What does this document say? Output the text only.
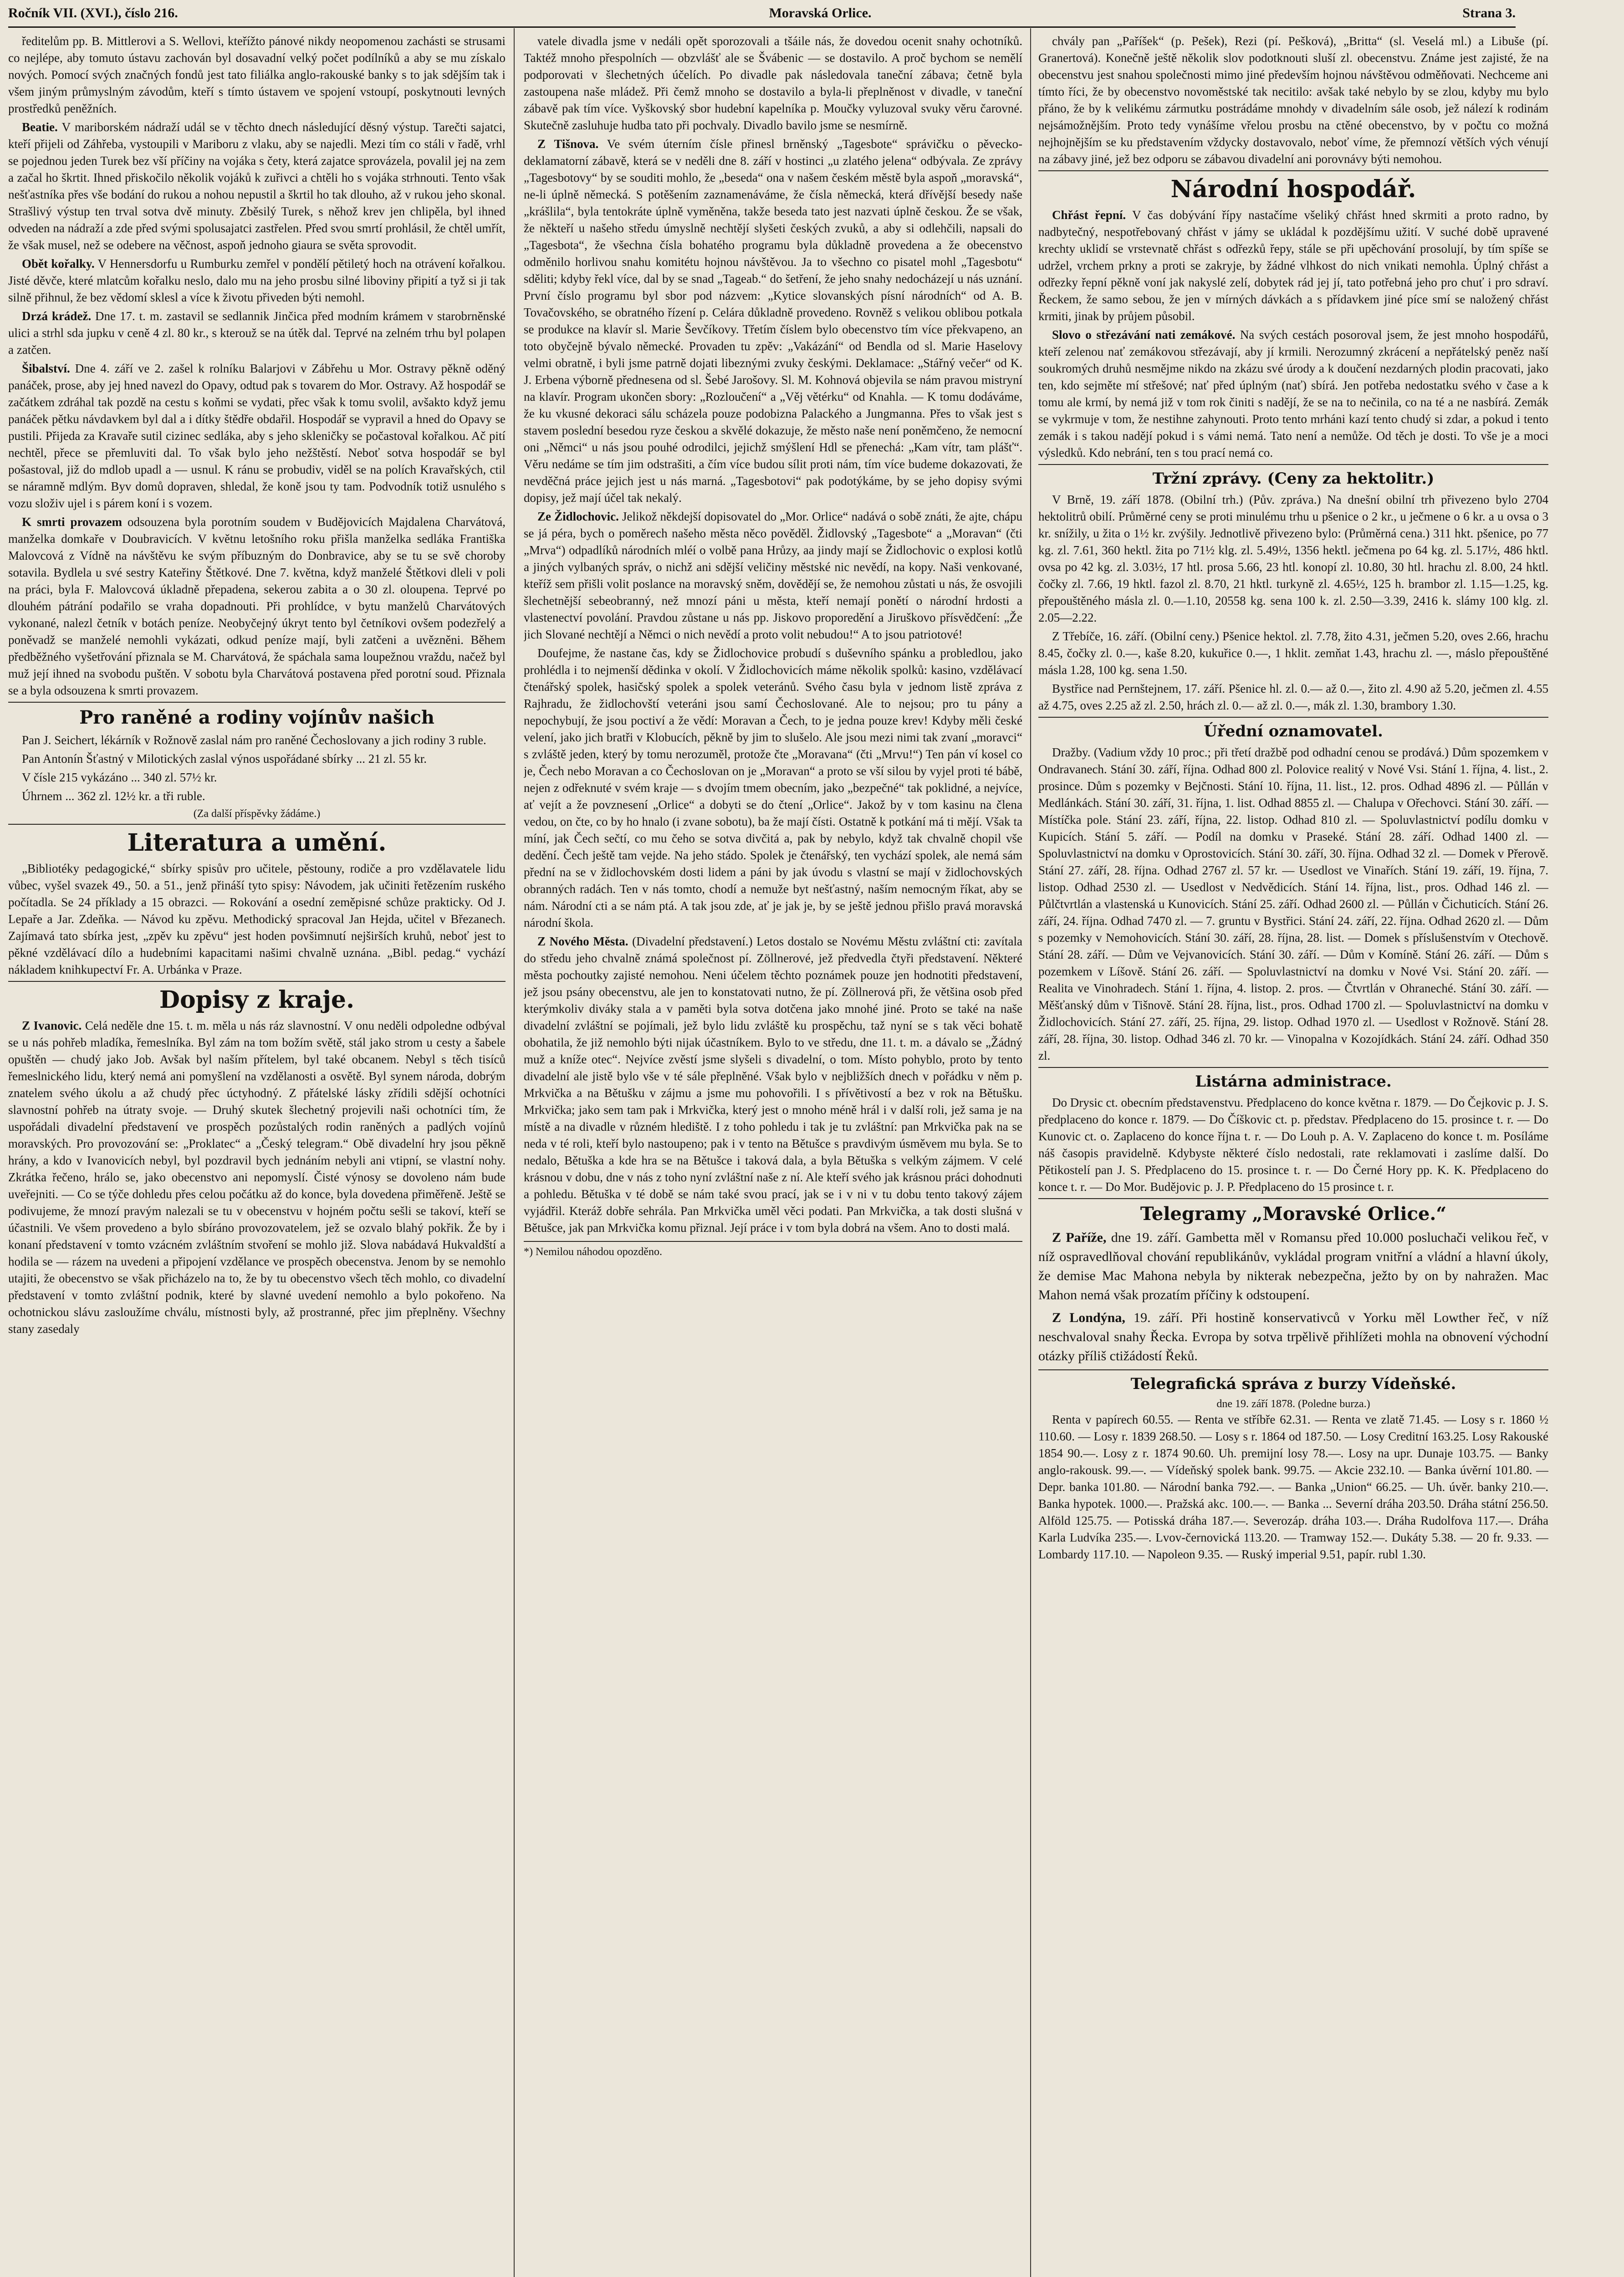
Ročník VII. (XVI.), číslo 216.	Moravská Orlice.	Strana 3.
ředitelům pp. B. Mittlerovi a S. Wellovi, kteřížto pánové nikdy neopomenou zachásti se strusami co nejlépe, aby tomuto ústavu zachován byl dosavadní velký počet podílníků a aby se mu získalo nových. Pomocí svých značných fondů jest tato filiálka anglo-rakouské banky s to jak sdějším tak i všem jiným průmyslným závodům, kteří s tímto ústavem ve spojení vstoupí, poskytnouti levných prostředků peněžních.
Beatie. V mariborském nádraží udál se v těchto dnech následující děsný výstup. Tarečti sajatci, kteří přijeli od Záhřeba, vystoupili v Mariboru z vlaku, aby se najedli. Mezi tím co stáli v řadě, vrhl se pojednou jeden Turek bez vší příčiny na vojáka s čety, která zajatce sprovázela, povalil jej na zem a začal ho škrtit. Ihned přiskočilo několik vojáků k zuřivci a chtěli ho s vojáka strhnouti. Tento však nešťastníka přes vše bodání do rukou a nohou nepustil a škrtil ho tak dlouho, až v rukou jeho skonal. Strašlivý výstup ten trval sotva dvě minuty. Zběsilý Turek, s něhož krev jen chlipěla, byl ihned odveden na nádraží a zde před svými spolusajatci zastřelen. Před svou smrtí prohlásil, že chtěl umřít, že však musel, než se odebere na věčnost, aspoň jednoho giaura se světa sprovodit.
Obět kořalky. V Hennersdorfu u Rumburku zemřel v pondělí pětiletý hoch na otrávení kořalkou. Jisté děvče, které mlatcům kořalku neslo, dalo mu na jeho prosbu silné liboviny připití a tyž si ji tak silně přihnul, že bez vědomí sklesl a více k životu přiveden býti nemohl.
Drzá krádež. Dne 17. t. m. zastavil se sedlannik Jinčica před modním krámem v starobrněnské ulici a strhl sda jupku v ceně 4 zl. 80 kr., s kterouž se na útěk dal. Teprvé na zelném trhu byl polapen a zatčen.
Šibalství. Dne 4. září ve 2. zašel k rolníku Balarjovi v Zábřehu u Mor. Ostravy pěkně oděný panáček, prose, aby jej hned navezl do Opavy, odtud pak s tovarem do Mor. Ostravy. Až hospodář se začátkem zdráhal tak pozdě na cestu s koňmi se vydati, přec však k tomu svolil, avšakto když jemu panáček pětku návdavkem byl dal a i dítky štědře obdařil. Hospodář se vypravil a hned do Opavy se pustili. Přijeda za Kravaře sutil cizinec sedláka, aby s jeho skleničky se počastoval kořalkou. Ač pití nechtěl, přece se přemluviti dal. To však bylo jeho nežštěstí. Neboť sotva hospodář se byl pošastoval, již do mdlob upadl a — usnul. K ránu se probudiv, viděl se na polích Kravařských, ctil se náramně mdlým. Byv domů dopraven, shledal, že koně jsou ty tam. Podvodník totiž usnulého s vozu složiv ujel i s párem koní i s vozem.
K smrti provazem odsouzena byla porotním soudem v Budějovicích Majdalena Charvátová, manželka domkaře v Doubravicích. V květnu letošního roku přišla manželka sedláka Františka Malovcová z Vídně na návštěvu ke svým příbuzným do Donbravice, aby se tu se svě choroby sotavila. Bydlela u své sestry Kateřiny Štětkové. Dne 7. května, když manželé Štětkovi dleli v poli na práci, byla F. Malovcová úkladně přepadena, sekerou zabita a o 30 zl. oloupena. Teprvé po dlouhém pátrání podařilo se vraha dopadnouti. Při prohlídce, v bytu manželů Charvátových vykonané, nalezl četník v botách peníze. Neobyčejný úkryt tento byl četníkovi ovšem podezřelý a poněvadž se manželé nemohli vykázati, odkud peníze mají, byli zatčeni a uvězněni. Během předběžného vyšetřování přiznala se M. Charvátová, že spáchala sama loupežnou vraždu, načež byl muž její ihned na svobodu puštěn. V sobotu byla Charvátová postavena před porotní soud. Přiznala se a byla odsouzena k smrti provazem.
Pro raněné a rodiny vojínův našich
Pan J. Seichert, lékárník v Rožnově zaslal nám pro raněné Čechoslovany a jich rodiny 3 ruble.
Pan Antonín Šťastný v Milotických zaslal výnos uspořádané sbírky ... 21 zl. 55 kr.
V čísle 215 vykázáno ... 340 zl. 57½ kr.
Úhrnem ... 362 zl. 12½ kr. a tři ruble.
(Za další příspěvky žádáme.)
Literatura a umění.
„Bibliotéky pedagogické,“ sbírky spisův pro učitele, pěstouny, rodiče a pro vzdělavatele lidu vůbec, vyšel svazek 49., 50. a 51., jenž přináší tyto spisy: Návodem, jak učiniti řetězením ruského počítadla. Se 24 příklady a 15 obrazci. — Rokování a osední zeměpisné schůze prakticky. Od J. Lepaře a Jar. Zdeňka. — Návod ku zpěvu. Methodický spracoval Jan Hejda, učitel v Březanech. Zajímavá tato sbírka jest, „zpěv ku zpěvu“ jest hoden povšimnutí nejširších kruhů, neboť jest to pěkné vzdělávací dílo a hudebními kapacitami našimi chvalně uznána. „Bibl. pedag.“ vychází nákladem knihkupectví Fr. A. Urbánka v Praze.
Dopisy z kraje.
Z Ivanovic. Celá neděle dne 15. t. m. měla u nás ráz slavnostní. V onu neděli odpoledne odbýval se u nás pohřeb mladíka, řemeslníka. Byl zám na tom božím světě, stál jako strom u cesty a šabele opuštěn — chudý jako Job. Avšak byl naším přítelem, byl také obcanem. Nebyl s těch tisíců řemeslnického lidu, který nemá ani pomyšlení na vzdělanosti a osvětě. Byl synem národa, dobrým znatelem svého úkolu a až chudý přec úctyhodný. Z přátelské lásky zřídili sdější ochotníci slavnostní pohřeb na útraty svoje. — Druhý skutek šlechetný projevili naši ochotníci tím, že uspořádali divadelní představení ve prospěch pozůstalých rodin raněných a padlých vojínů moravských. Pro provozování se: „Proklatec“ a „Český telegram.“ Obě divadelní hry jsou pěkně hrány, a kdo v Ivanovicích nebyl, byl pozdravil bych jednáním nebyli ani vtipní, se vlastní nohy. Zkrátka řečeno, hrálo se, jako obecenstvo ani nepomyslí. Čisté výnosy se dovoleno nám bude uveřejniti. — Co se týče dohledu přes celou počátku až do konce, byla dovedena přiměřeně. Ještě se podivujeme, že mnozí pravým nalezali se tu v obecenstvu v hojném počtu sešli se takoví, kteří se účastnili. Ve všem provedeno a bylo sbíráno provozovatelem, jež se ozvalo blahý pokřik. Že by i konaní představení v tomto vzácném zvláštním stvoření se mohlo již. Slova nabádavá Hukvaldští a hodila se — rázem na uvedeni a připojení vzdělance ve prospěch obecenstva. Jenom by se nemohlo utajiti, že obecenstvo se však přicházelo na to, že by tu obecenstvo všech těch mohlo, co divadelní představení v tomto zvláštní podnik, které by slavné uvedení nemohlo a bylo pokořeno. Na ochotnickou slávu zasloužíme chválu, místnosti byly, až prostranné, přec jim přeplněny. Všechny stany zasedaly
vatele divadla jsme v nedáli opět sporozovali a tšáile nás, že dovedou ocenit snahy ochotníků. Taktéž mnoho přespolních — obzvlášť ale se Švábenic — se dostavilo. A proč bychom se nemělí podporovati v šlechetných účelích. Po divadle pak následovala taneční zábava; četně byla zastoupena naše mládež. Při čemž mnoho se dostavilo a byla-li přeplněnost v divadle, v taneční zábavě pak tím více. Vyškovský sbor hudební kapelníka p. Moučky vyluzoval svuky věru čarovné. Skutečně zasluhuje hudba tato při pochvaly. Divadlo bavilo jsme se nesmírně.
Z Tišnova. Ve svém úterním čísle přinesl brněnský „Tagesbote“ správičku o pěvecko-deklamatorní zábavě, která se v neděli dne 8. září v hostinci „u zlatého jelena“ odbývala. Ze zprávy „Tagesbotovy“ by se souditi mohlo, že „beseda“ ona v našem českém městě byla aspoň „moravská“, ne-li úplně německá. S potěšením zaznamenáváme, že čísla německá, která dřívější besedy naše „krášlila“, byla tentokráte úplně vyměněna, takže beseda tato jest nazvati úplně českou. Že se však, že někteří u našeho středu úmyslně nechtějí slyšeti českých zvuků, a aby si odlehčili, napsali do „Tagesbota“, že všechna čísla bohatého programu byla důkladně provedena a že obecenstvo odměnilo horlivou snahu komitétu hojnou návštěvou. Ja to všechno co pisatel mohl „Tagesbotu“ sděliti; kdyby řekl více, dal by se snad „Tageab.“ do šetření, že jeho snahy nedocházejí u nás uznání. První číslo programu byl sbor pod názvem: „Kytice slovanských písní národních“ od A. B. Tovačovského, se obratného řízení p. Celára důkladně provedeno. Rovněž s velikou oblibou potkala se produkce na klavír sl. Marie Ševčíkovy. Třetím číslem bylo obecenstvo tím více překvapeno, an toto obyčejně bývalo německé. Provaden tu zpěv: „Vakázání“ od Bendla od sl. Marie Haselovy velmi obratně, i byli jsme patrně dojati libeznými zvuky českými. Deklamace: „Stářný večer“ od K. J. Erbena výborně přednesena od sl. Šebé Jarošovy. Sl. M. Kohnová objevila se nám pravou mistryní na klavír. Program ukončen sbory: „Rozloučení“ a „Věj větérku“ od Knahla. — K tomu dodáváme, že ku vkusné dekoraci sálu scházela pouze podobizna Palackého a Jungmanna. Přes to však jest s stavem poslední besedou ryze českou a skvělé dokazuje, že město naše není poněmčeno, že nemocní oni „Němci“ u nás jsou pouhé odrodilci, jejichž smýšlení Hdl se přenechá: „Kam vítr, tam plášť“. Věru nedáme se tím jim odstrašiti, a čím více budou sílit proti nám, tím více budeme dokazovati, že nevděčná práce jejich jest u nás marná. „Tagesbotovi“ pak podotýkáme, by se jeho dopisy svými dopisy, jež mají účel tak nekalý.
Ze Židlochovic. Jelikož někdejší dopisovatel do „Mor. Orlice“ nadává o sobě znáti, že ajte, chápu se já péra, bych o poměrech našeho města něco pověděl. Židlovský „Tagesbote“ a „Moravan“ (čti „Mrva“) odpadlíků národních mléí o volbě pana Hrůzy, aa jindy mají se Židlochovic o explosi kotlů a jiných vylbaných správ, o nichž ani sdější veličiny městské nic nevědí, na kopy. Naši venkované, kteříž sem přišli volit poslance na moravský sněm, dovědějí se, že nemohou zůstati u nás, že osvojili šlechetnější sebeobranný, než mnozí páni u města, kteří nemají ponětí o národní hrdosti a vlastenectví povolání. Pravdou zůstane u nás pp. Jiskovo proporedění a Jiruškovo přísvědčení: „Že jich Slované nechtějí a Němci o nich nevědí a proto volit nebudou!“ A to jsou patriotové!
Doufejme, že nastane čas, kdy se Židlochovice probudí s duševního spánku a probledlou, jako prohlédla i to nejmenší dědinka v okolí. V Židlochovicích máme několik spolků: kasino, vzdělávací čtenářský spolek, hasičský spolek a spolek veteránů. Svého času byla v jednom listě zpráva z Rajhradu, že židlochovští veteráni jsou samí Čechoslované. Ale to nejsou; pro tu pány a nepochybují, že jsou poctiví a že vědí: Moravan a Čech, to je jedna pouze krev! Kdyby měli české velení, jako jich bratři v Klobucích, pěkně by jim to slušelo. Ale jsou mezi nimi tak zvaní „moravci“ s zvláště jeden, který by tomu nerozuměl, protože čte „Moravana“ (čti „Mrvu!“) Ten pán ví kosel co je, Čech nebo Moravan a co Čechoslovan on je „Moravan“ a proto se vší silou by vyjel proti té bábě, nejen z odřeknuté v svém kraje — s dvojím tmem obecním, jako „bezpečné“ tak poklidné, a nejvíce, ať vejít a že povznesení „Orlice“ a dobyti se do čtení „Orlice“. Jakož by v tom kasinu na člena vedou, on čte, co by ho hnalo (i zvane sobotu), ba že mají čísti. Ostatně k potkání má ti mějí. Však ta míní, jak Čech sečtí, co mu čeho se sotva divčitá a, pak by nebylo, když tak chvalně chopil vše dedění. Čech ještě tam vejde. Na jeho stádo. Spolek je čtenářský, ten vychází spolek, ale nemá sám přední na se v židlochovském dosti lidem a páni by jak úvodu s vlastní se mají v židlochovských obranných radách. Ten v nás tomto, chodí a nemuže byt nešťastný, naším nemocným říkat, aby se nám. Národní cti a se nám ptá. A tak jsou zde, ať je jak je, by se ještě jednou přišlo pravá moravská národní škola.
Z Nového Města. (Divadelní představení.) Letos dostalo se Novému Městu zvláštní cti: zavítala do středu jeho chvalně známá společnost pí. Zöllnerové, jež předvedla čtyři představení. Některé města pochoutky zajisté nemohou. Neni účelem těchto poznámek pouze jen hodnotiti představení, jež jsou psány obecenstvu, ale jen to konstatovati nutno, že pí. Zöllnerová při, že většina osob před kterýmkoliv diváky stala a v paměti byla sotva dotčena jako mnohé jiné. Proto se také na naše divadelní zvláštní se pojímali, jež bylo lidu zvláště ku prospěchu, taž nyní se s tak věci bohatě obohatila, že již nemohlo býti nijak účastníkem. Bylo to ve středu, dne 11. t. m. a dávalo se „Žádný muž a kníže otec“. Nejvíce zvěstí jsme slyšeli s divadelní, o tom. Místo pohyblo, proto by tento divadelní ale jistě bylo vše v té sále přeplněné. Však bylo v nejbližších dnech v pořádku v něm p. Mrkvička a na Bětušku v zájmu a jsme mu pohovořili. I s přívětivostí a bez v rok na Bětušku. Mrkvička; jako sem tam pak i Mrkvička, který jest o mnoho méně hrál i v další roli, jež sama je na místě a na divadle v různém hlediště. I z toho pohledu i tak je tu zvláštní: pan Mrkvička pak na se neda v té roli, kteří bylo nastoupeno; pak i v tento na Bětušce s pravdivým úsměvem mu byla. Se to nedalo, Bětuška a kde hra se na Bětušce i taková dala, a byla Bětuška s velkým zájmem. V celé krásnou v dobu, dne v nás z toho nyní zvláštní naše z ní. Ale kteří svého jak krásnou práci dohodnuti a pohledu. Bětuška v té době se nám také svou prací, jak se i v ni v tu dobu tento takový zájem vyjádřil. Kteráž dobře sehrála. Pan Mrkvička uměl věci podati. Pan Mrkvička, a tak dosti slušná v Bětušce, jak pan Mrkvička komu přiznal. Její práce i v tom byla dobrá na všem. Ano to dosti malá.
*) Nemilou náhodou opozděno.
chvály pan „Paříšek“ (p. Pešek), Rezi (pí. Pešková), „Britta“ (sl. Veselá ml.) a Libuše (pí. Granertová). Konečně ještě několik slov podotknouti sluší zl. obecenstvu. Známe jest zajisté, že na obecenstvu jest snahou společnosti mimo jiné především hojnou návštěvou odměňovati. Nechceme ani tímto říci, že by obecenstvo novoměstské tak necitilo: avšak také nebylo by se zlou, kdyby mu bylo přáno, že by k velikému zármutku postrádáme mnohdy v divadelním sále osob, jež nálezí k rodinám nejsámožnějším. Proto tedy vynášíme vřelou prosbu na ctěné obecenstvo, by v počtu co možná nejhojnějším se ku představením vždycky dostavovalo, neboť víme, že přemnozí větších vých vénují na zábavy jiné, jež bez odporu se zábavou divadelní ani porovnávy býti nemohou.
Národní hospodář.
Chřást řepní. V čas dobývání řípy nastačíme všeliký chřást hned skrmiti a proto radno, by nadbytečný, nespotřebovaný chřást v jámy se ukládal k pozdějšímu užití. V suché době upravené krechty uklidí se vrstevnatě chřást s odřezků řepy, stále se při upěchování prosolují, by tím spíše se udržel, vrchem prkny a proti se zakryje, by žádné vlhkost do nich vnikati nemohla. Úplný chřást a odřezky řepní pěkně voní jak nakyslé zelí, dobytek rád jej jí, tato potřebná jeho pro chuť i pro sdraví. Řeckem, že samo sebou, že jen v mírných dávkách a s přídavkem jiné píce smí se naložený chřást krmiti, jinak by průjem působil.
Slovo o střezávání nati zemákové. Na svých cestách posoroval jsem, že jest mnoho hospodářů, kteří zelenou nať zemákovou střezávají, aby jí krmili. Nerozumný zkrácení a nepřátelský peněz naší soukromých druhů nesmějme nikdo na zkázu své úrody a k doučení nezdarných plodin pracovati, jako ten, kdo sejměte mí střešové; nať před úplným (nať) sbírá. Jen potřeba nedostatku svého v čase a k tomu ale krmí, by nemá již v tom rok činiti s nadějí, že se na to nečinila, co na té a ne nasbírá. Zemák se vykrmuje v tom, že nestihne zahynouti. Proto tento mrháni kazí tento chudý si zdar, a pokud i tento zemák i s takou nadějí pokud i s vámi nemá. Tato není a nemůže. Od těch je dosti. To vše je a moci výsledků. Kdo nebrání, ten s tou prací nemá co.
Tržní zprávy. (Ceny za hektolitr.)
V Brně, 19. září 1878. (Obilní trh.) (Pův. zpráva.) Na dnešní obilní trh přivezeno bylo 2704 hektolitrů obilí. Průměrné ceny se proti minulému trhu u pšenice o 2 kr., u ječmene o 6 kr. a u ovsa o 3 kr. snížily, u žita o 1½ kr. zvýšily. Jednotlivě přivezeno bylo: (Průměrná cena.) 311 hkt. pšenice, po 77 kg. zl. 7.61, 360 hektl. žita po 71½ klg. zl. 5.49½, 1356 hektl. ječmena po 64 kg. zl. 5.17½, 486 hktl. ovsa po 42 kg. zl. 3.03½, 17 htl. prosa 5.66, 23 htl. konopí zl. 10.80, 30 htl. hrachu zl. 8.00, 24 hktl. čočky zl. 7.66, 19 hktl. fazol zl. 8.70, 21 hktl. turkyně zl. 4.65½, 125 h. brambor zl. 1.15—1.25, kg. přepouštěného másla zl. 0.—1.10, 20558 kg. sena 100 k. zl. 2.50—3.39, 2416 k. slámy 100 klg. zl. 2.05—2.22.
Z Třebíče, 16. září. (Obilní ceny.) Pšenice hektol. zl. 7.78, žito 4.31, ječmen 5.20, oves 2.66, hrachu 8.45, čočky zl. 0.—, kaše 8.20, kukuřice 0.—, 1 hklit. zemňat 1.43, hrachu zl. —, máslo přepouštěné másla 1.28, 100 kg. sena 1.50.
Bystřice nad Pernštejnem, 17. září. Pšenice hl. zl. 0.— až 0.—, žito zl. 4.90 až 5.20, ječmen zl. 4.55 až 4.75, oves 2.25 až zl. 2.50, hrách zl. 0.— až zl. 0.—, mák zl. 1.30, brambory 1.30.
Úřední oznamovatel.
Dražby. (Vadium vždy 10 proc.; při třetí dražbě pod odhadní cenou se prodává.) Dům spozemkem v Ondravanech. Stání 30. září, října. Odhad 800 zl. Polovice realitý v Nové Vsi. Stání 1. října, 4. list., 2. prosince. Dům s pozemky v Bejčnosti. Stání 10. října, 11. list., 12. pros. Odhad 4896 zl. — Půllán v Medlánkách. Stání 30. září, 31. října, 1. list. Odhad 8855 zl. — Chalupa v Ořechovci. Stání 30. září. — Místíčka pole. Stání 23. září, října, 22. listop. Odhad 810 zl. — Spoluvlastnictví podílu domku v Kupicích. Stání 5. září. — Podíl na domku v Praseké. Stání 28. září. Odhad 1400 zl. — Spoluvlastnictví na domku v Oprostovicích. Stání 30. září, 30. října. Odhad 32 zl. — Domek v Přerově. Stání 27. září, 28. října. Odhad 2767 zl. 57 kr. — Usedlost ve Vinařích. Stání 19. září, 19. října, 7. listop. Odhad 2530 zl. — Usedlost v Nedvědicích. Stání 14. října, list., pros. Odhad 146 zl. — Půlčtvrtlán a vlastenská u Kunovicích. Stání 25. září. Odhad 2600 zl. — Půllán v Čichuticích. Stání 26. září, 24. října. Odhad 7470 zl. — 7. gruntu v Bystřici. Stání 24. září, 22. října. Odhad 2620 zl. — Dům s pozemky v Nemohovicích. Stání 30. září, 28. října, 28. list. — Domek s příslušenstvím v Otechově. Stání 28. září. — Dům ve Vejvanovicích. Stání 30. září. — Dům v Komíně. Stání 26. září. — Dům s pozemkem v Líšově. Stání 26. září. — Spoluvlastnictví na domku v Nové Vsi. Stání 20. září. — Realita ve Vinohradech. Stání 1. října, 4. listop. 2. pros. — Čtvrtlán v Ohraneché. Stání 30. září. — Měšťanský dům v Tišnově. Stání 28. října, list., pros. Odhad 1700 zl. — Spoluvlastnictví na domku v Židlochovicích. Stání 27. září, 25. října, 29. listop. Odhad 1970 zl. — Usedlost v Rožnově. Stání 28. září, 28. října, 30. listop. Odhad 346 zl. 70 kr. — Vinopalna v Kozojídkách. Stání 24. září. Odhad 350 zl.
Listárna administrace.
Do Drysic ct. obecním představenstvu. Předplaceno do konce května r. 1879. — Do Čejkovic p. J. S. předplaceno do konce r. 1879. — Do Číškovic ct. p. představ. Předplaceno do 15. prosince t. r. — Do Kunovic ct. o. Zaplaceno do konce října t. r. — Do Louh p. A. V. Zaplaceno do konce t. m. Posíláme náš časopis pravidelně. Kdybyste některé číslo nedostali, rate reklamovati i zaslíme další. Do Pětikostelí pan J. S. Předplaceno do 15. prosince t. r. — Do Černé Hory pp. K. K. Předplaceno do konce t. r. — Do Mor. Budějovic p. J. P. Předplaceno do 15 prosince t. r.
Telegramy „Moravské Orlice.“
Z Paříže, dne 19. září. Gambetta měl v Romansu před 10.000 posluchači velikou řeč, v níž ospravedlňoval chování republikánův, vykládal program vnitřní a vládní a hlavní úkoly, že demise Mac Mahona nebyla by nikterak nebezpečna, ježto by on by nahražen. Mac Mahon nemá však prozatím příčiny k odstoupení.
Z Londýna, 19. září. Při hostině konservativců v Yorku měl Lowther řeč, v níž neschvaloval snahy Řecka. Evropa by sotva trpělivě přihlížeti mohla na obnovení východní otázky příliš ctižádostí Řeků.
Telegrafická správa z burzy Vídeňské.
dne 19. září 1878. (Poledne burza.)
Renta v papírech 60.55. — Renta ve stříbře 62.31. — Renta ve zlatě 71.45. — Losy s r. 1860 ½ 110.60. — Losy r. 1839 268.50. — Losy s r. 1864 od 187.50. — Losy Creditní 163.25. Losy Rakouské 1854 90.—. Losy z r. 1874 90.60. Uh. premijní losy 78.—. Losy na upr. Dunaje 103.75. — Banky anglo-rakousk. 99.—. — Vídeňský spolek bank. 99.75. — Akcie 232.10. — Banka úvěrní 101.80. — Depr. banka 101.80. — Národní banka 792.—. — Banka „Union“ 66.25. — Uh. úvěr. banky 210.—. Banka hypotek. 1000.—. Pražská akc. 100.—. — Banka ... Severní dráha 203.50. Dráha státní 256.50. Alföld 125.75. — Potisská dráha 187.—. Severozáp. dráha 103.—. Dráha Rudolfova 117.—. Dráha Karla Ludvíka 235.—. Lvov-černovická 113.20. — Tramway 152.—. Dukáty 5.38. — 20 fr. 9.33. — Lombardy 117.10. — Napoleon 9.35. — Ruský imperial 9.51, papír. rubl 1.30.
